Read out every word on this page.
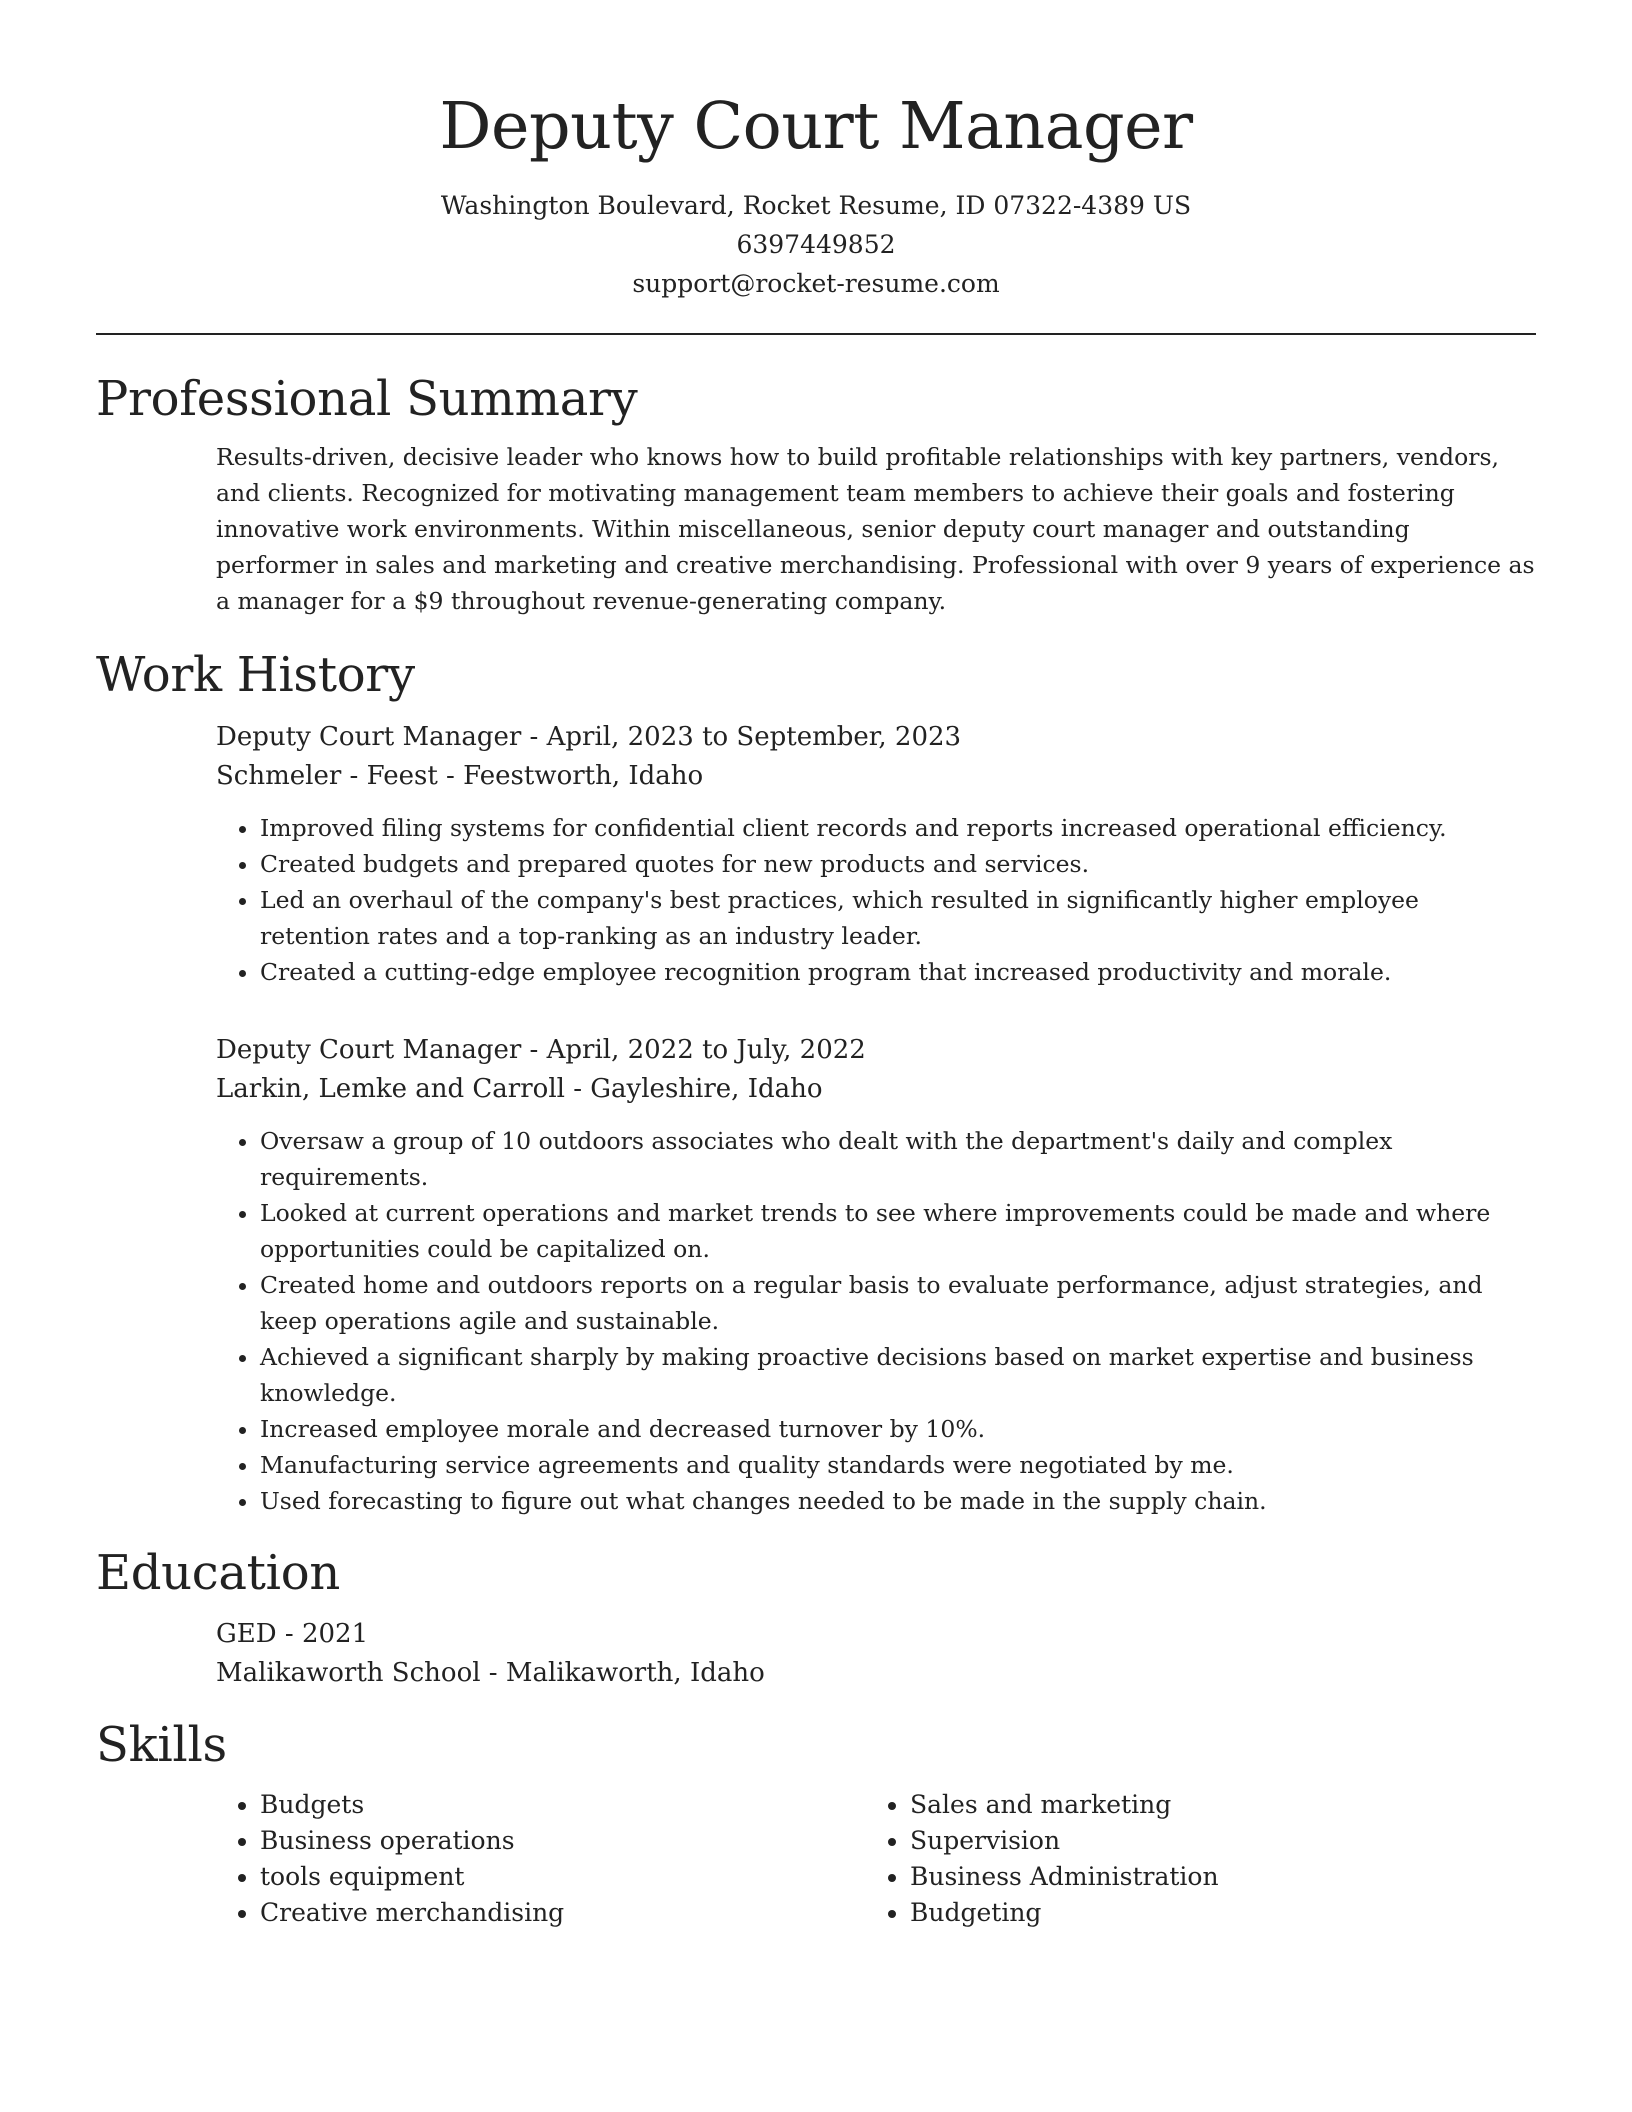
Deputy Court Manager
Washington Boulevard, Rocket Resume, ID 07322-4389 US
6397449852
support@rocket-resume.com
Professional Summary
Results-driven, decisive leader who knows how to build profitable relationships with key partners, vendors, and clients. Recognized for motivating management team members to achieve their goals and fostering innovative work environments. Within miscellaneous, senior deputy court manager and outstanding performer in sales and marketing and creative merchandising. Professional with over 9 years of experience as a manager for a $9 throughout revenue-generating company.
Work History
Deputy Court Manager - April, 2023 to September, 2023
Schmeler - Feest - Feestworth, Idaho
• Improved filing systems for confidential client records and reports increased operational efficiency.
• Created budgets and prepared quotes for new products and services.
• Led an overhaul of the company's best practices, which resulted in significantly higher employee retention rates and a top-ranking as an industry leader.
• Created a cutting-edge employee recognition program that increased productivity and morale.
Deputy Court Manager - April, 2022 to July, 2022
Larkin, Lemke and Carroll - Gayleshire, Idaho
• Oversaw a group of 10 outdoors associates who dealt with the department's daily and complex requirements.
• Looked at current operations and market trends to see where improvements could be made and where opportunities could be capitalized on.
• Created home and outdoors reports on a regular basis to evaluate performance, adjust strategies, and keep operations agile and sustainable.
• Achieved a significant sharply by making proactive decisions based on market expertise and business knowledge.
• Increased employee morale and decreased turnover by 10%.
• Manufacturing service agreements and quality standards were negotiated by me.
• Used forecasting to figure out what changes needed to be made in the supply chain.
Education
GED - 2021
Malikaworth School - Malikaworth, Idaho
Skills
• Budgets
• Business operations
• tools equipment
• Creative merchandising
• Sales and marketing
• Supervision
• Business Administration
• Budgeting
